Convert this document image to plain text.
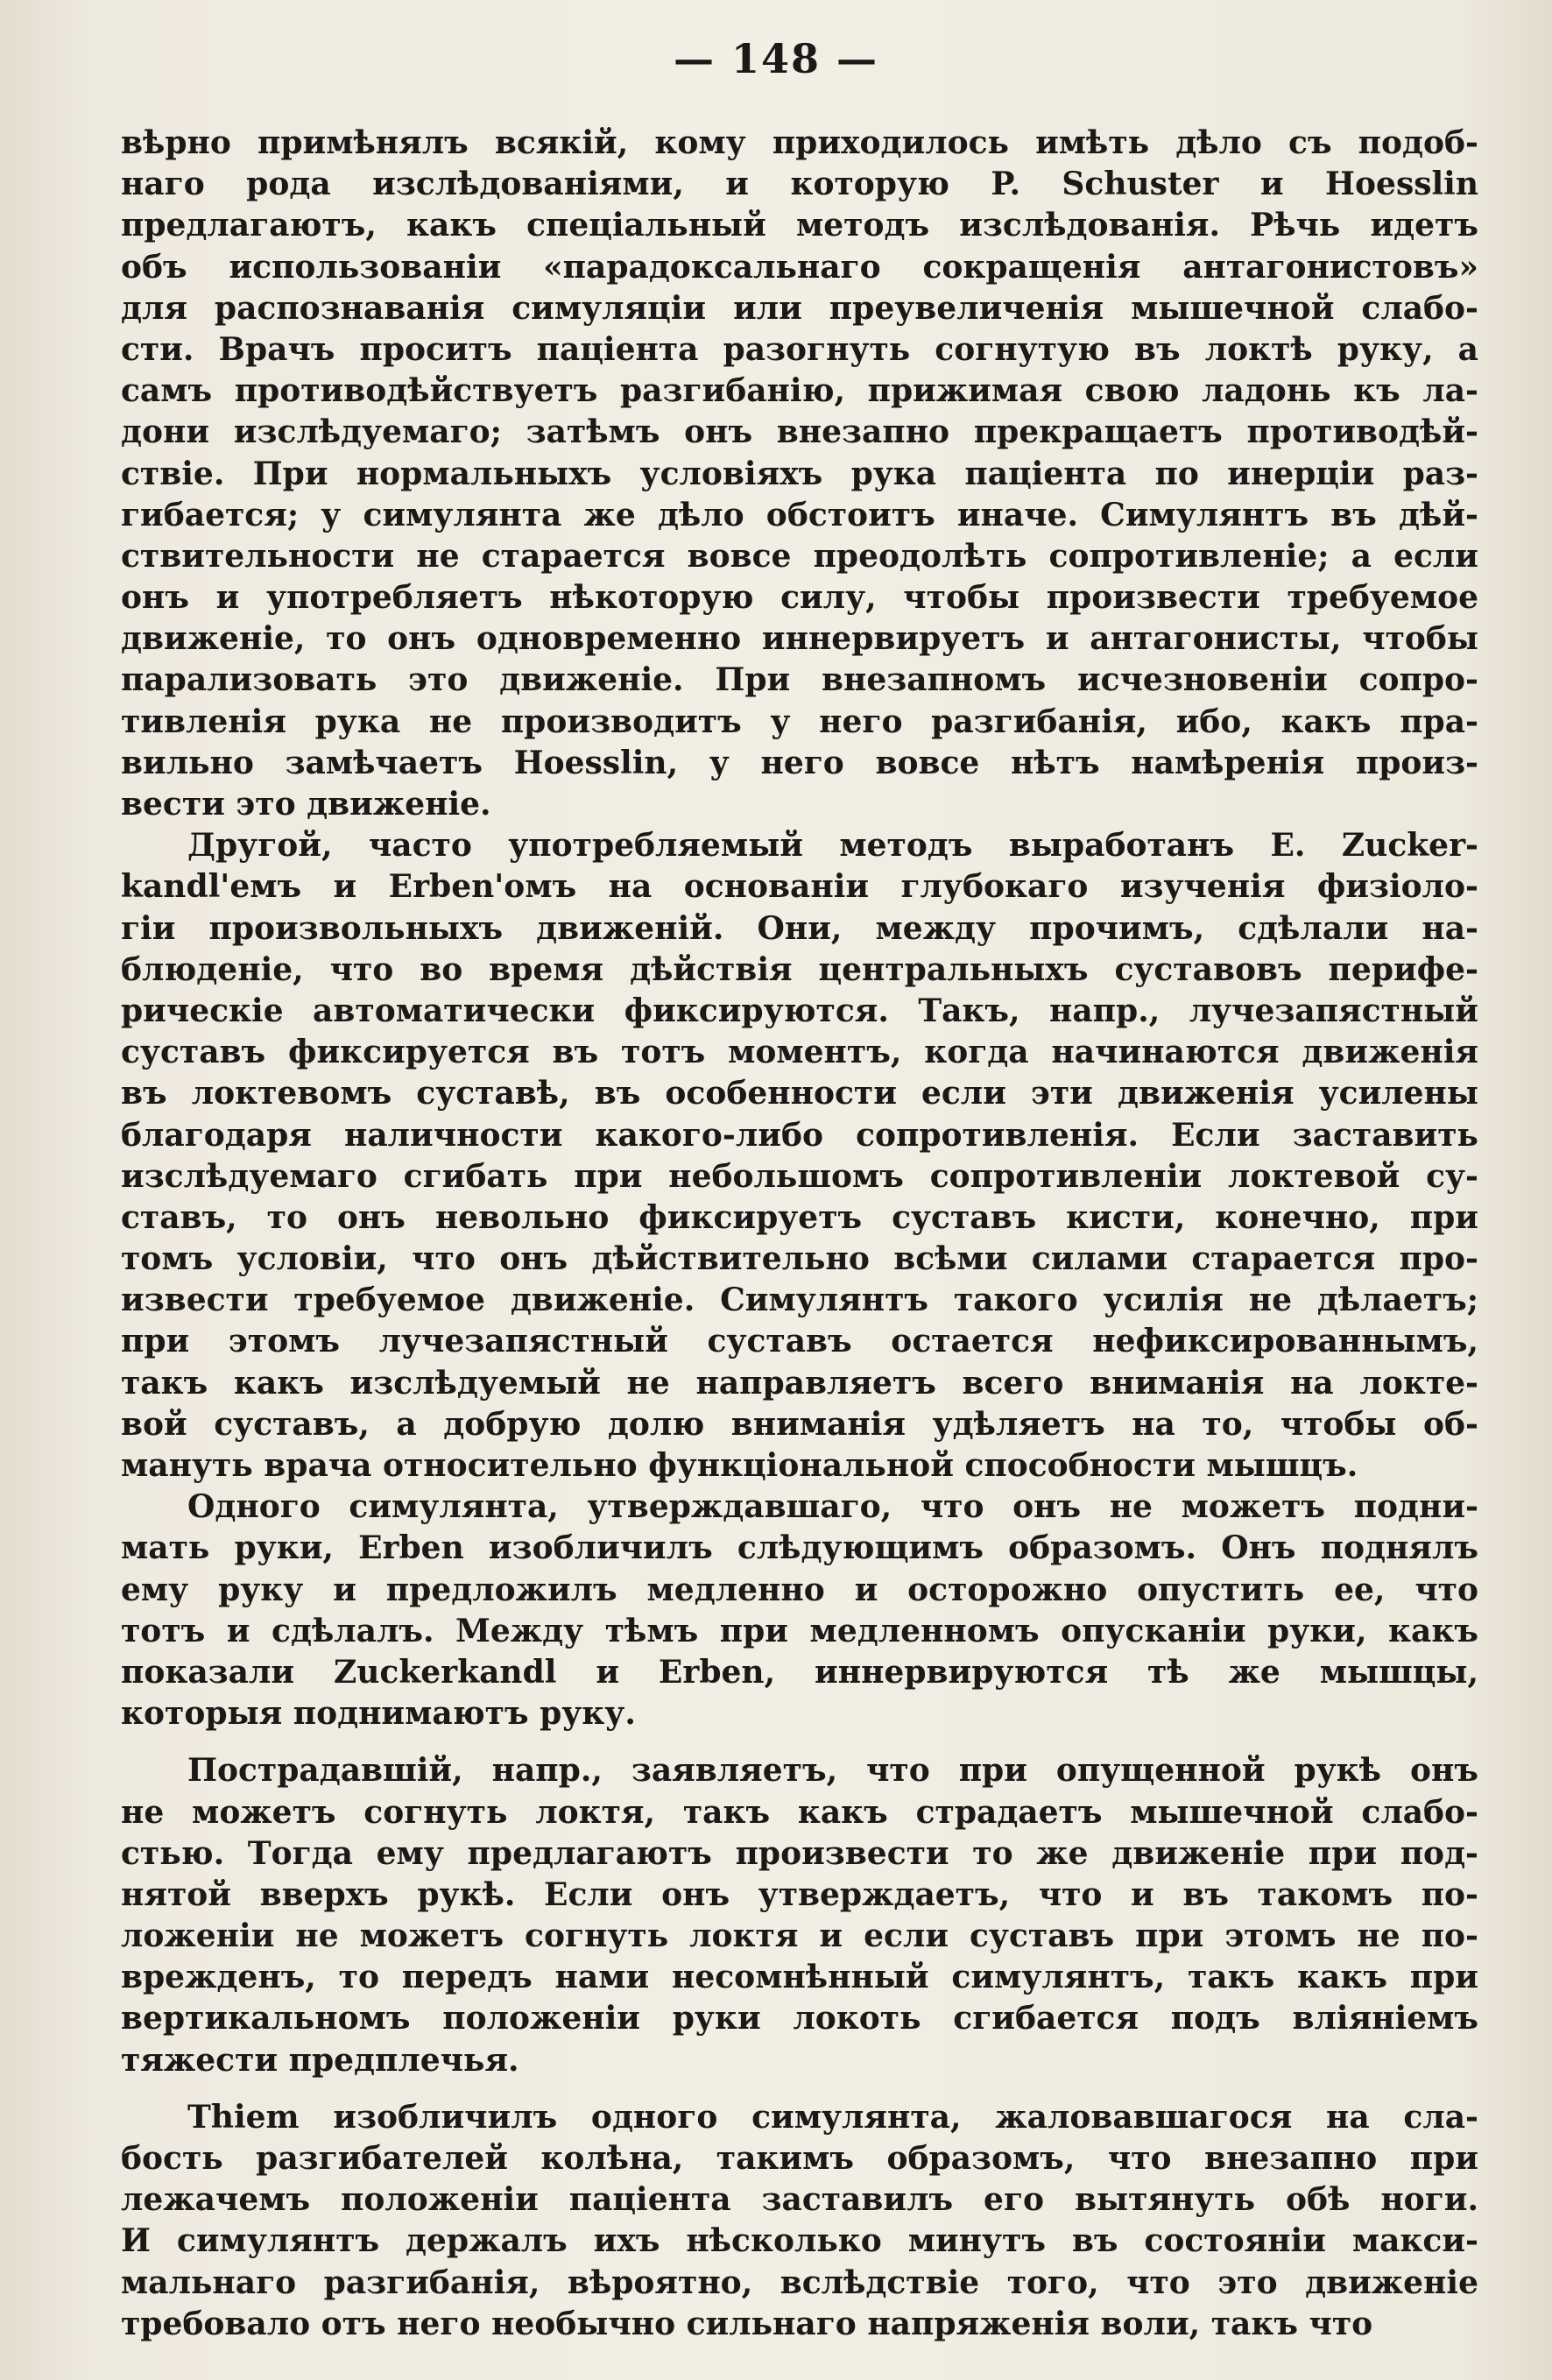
— 148 —
вѣрно примѣнялъ всякій, кому приходилось имѣть дѣло съ подоб-
наго рода изслѣдованіями, и которую P. Schuster и Hoesslin
предлагаютъ, какъ спеціальный методъ изслѣдованія. Рѣчь идетъ
объ использованіи «парадоксальнаго сокращенія антагонистовъ»
для распознаванія симуляціи или преувеличенія мышечной слабо-
сти. Врачъ проситъ паціента разогнуть согнутую въ локтѣ руку, а
самъ противодѣйствуетъ разгибанію, прижимая свою ладонь къ ла-
дони изслѣдуемаго; затѣмъ онъ внезапно прекращаетъ противодѣй-
ствіе. При нормальныхъ условіяхъ рука паціента по инерціи раз-
гибается; у симулянта же дѣло обстоитъ иначе. Симулянтъ въ дѣй-
ствительности не старается вовсе преодолѣть сопротивленіе; а если
онъ и употребляетъ нѣкоторую силу, чтобы произвести требуемое
движеніе, то онъ одновременно иннервируетъ и антагонисты, чтобы
парализовать это движеніе. При внезапномъ исчезновеніи сопро-
тивленія рука не производитъ у него разгибанія, ибо, какъ пра-
вильно замѣчаетъ Hoesslin, у него вовсе нѣтъ намѣренія произ-
вести это движеніе.
Другой, часто употребляемый методъ выработанъ E. Zucker-
kandl'емъ и Erben'омъ на основаніи глубокаго изученія физіоло-
гіи произвольныхъ движеній. Они, между прочимъ, сдѣлали на-
блюденіе, что во время дѣйствія центральныхъ суставовъ перифе-
рическіе автоматически фиксируются. Такъ, напр., лучезапястный
суставъ фиксируется въ тотъ моментъ, когда начинаются движенія
въ локтевомъ суставѣ, въ особенности если эти движенія усилены
благодаря наличности какого-либо сопротивленія. Если заставить
изслѣдуемаго сгибать при небольшомъ сопротивленіи локтевой су-
ставъ, то онъ невольно фиксируетъ суставъ кисти, конечно, при
томъ условіи, что онъ дѣйствительно всѣми силами старается про-
извести требуемое движеніе. Симулянтъ такого усилія не дѣлаетъ;
при этомъ лучезапястный суставъ остается нефиксированнымъ,
такъ какъ изслѣдуемый не направляетъ всего вниманія на локте-
вой суставъ, а добрую долю вниманія удѣляетъ на то, чтобы об-
мануть врача относительно функціональной способности мышцъ.
Одного симулянта, утверждавшаго, что онъ не можетъ подни-
мать руки, Erben изобличилъ слѣдующимъ образомъ. Онъ поднялъ
ему руку и предложилъ медленно и осторожно опустить ее, что
тотъ и сдѣлалъ. Между тѣмъ при медленномъ опусканіи руки, какъ
показали Zuckerkandl и Erben, иннервируются тѣ же мышцы,
которыя поднимаютъ руку.
Пострадавшій, напр., заявляетъ, что при опущенной рукѣ онъ
не можетъ согнуть локтя, такъ какъ страдаетъ мышечной слабо-
стью. Тогда ему предлагаютъ произвести то же движеніе при под-
нятой вверхъ рукѣ. Если онъ утверждаетъ, что и въ такомъ по-
ложеніи не можетъ согнуть локтя и если суставъ при этомъ не по-
врежденъ, то передъ нами несомнѣнный симулянтъ, такъ какъ при
вертикальномъ положеніи руки локоть сгибается подъ вліяніемъ
тяжести предплечья.
Thiem изобличилъ одного симулянта, жаловавшагося на сла-
бость разгибателей колѣна, такимъ образомъ, что внезапно при
лежачемъ положеніи паціента заставилъ его вытянуть обѣ ноги.
И симулянтъ держалъ ихъ нѣсколько минутъ въ состояніи макси-
мальнаго разгибанія, вѣроятно, вслѣдствіе того, что это движеніе
требовало отъ него необычно сильнаго напряженія воли, такъ что
